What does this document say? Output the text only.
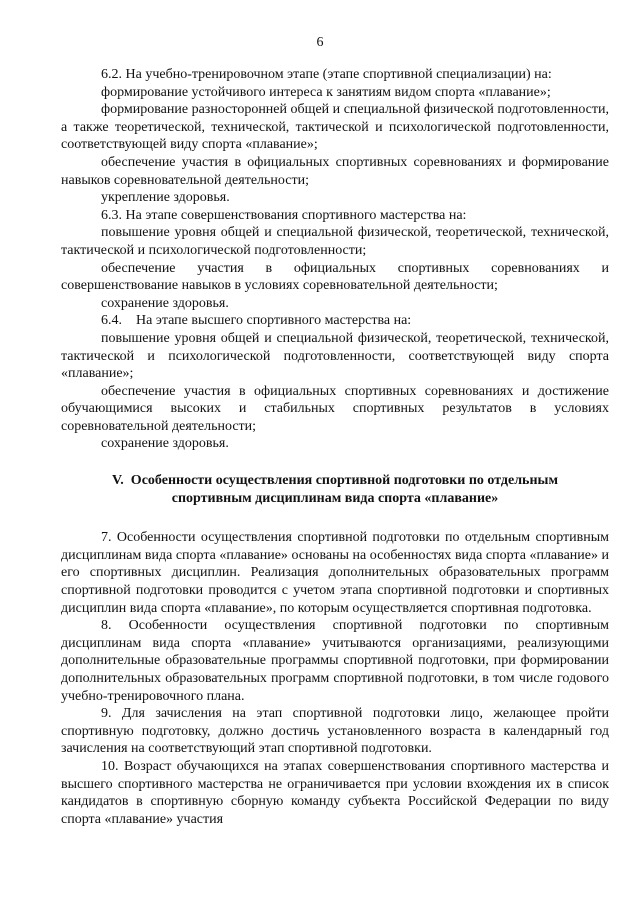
6

6.2. На учебно-тренировочном этапе (этапе спортивной специализации) на:

формирование устойчивого интереса к занятиям видом спорта «плавание»;

формирование разносторонней общей и специальной физической подготовленности, а также теоретической, технической, тактической и психологической подготовленности, соответствующей виду спорта «плавание»;

обеспечение участия в официальных спортивных соревнованиях и формирование навыков соревновательной деятельности;

укрепление здоровья.

6.3. На этапе совершенствования спортивного мастерства на:

повышение уровня общей и специальной физической, теоретической, технической, тактической и психологической подготовленности;

обеспечение участия в официальных спортивных соревнованиях и совершенствование навыков в условиях соревновательной деятельности;

сохранение здоровья.

6.4.    На этапе высшего спортивного мастерства на:

повышение уровня общей и специальной физической, теоретической, технической, тактической и психологической подготовленности, соответствующей виду спорта «плавание»;

обеспечение участия в официальных спортивных соревнованиях и достижение обучающимися высоких и стабильных спортивных результатов в условиях соревновательной деятельности;

сохранение здоровья.

V.  Особенности осуществления спортивной подготовки по отдельным
спортивным дисциплинам вида спорта «плавание»

7. Особенности осуществления спортивной подготовки по отдельным спортивным дисциплинам вида спорта «плавание» основаны на особенностях вида спорта «плавание» и его спортивных дисциплин. Реализация дополнительных образовательных программ спортивной подготовки проводится с учетом этапа спортивной подготовки и спортивных дисциплин вида спорта «плавание», по которым осуществляется спортивная подготовка.

8. Особенности осуществления спортивной подготовки по спортивным дисциплинам вида спорта «плавание» учитываются организациями, реализующими дополнительные образовательные программы спортивной подготовки, при формировании дополнительных образовательных программ спортивной подготовки, в том числе годового учебно-тренировочного плана.

9. Для зачисления на этап спортивной подготовки лицо, желающее пройти спортивную подготовку, должно достичь установленного возраста в календарный год зачисления на соответствующий этап спортивной подготовки.

10. Возраст обучающихся на этапах совершенствования спортивного мастерства и высшего спортивного мастерства не ограничивается при условии вхождения их в список кандидатов в спортивную сборную команду субъекта Российской Федерации по виду спорта «плавание» участия
